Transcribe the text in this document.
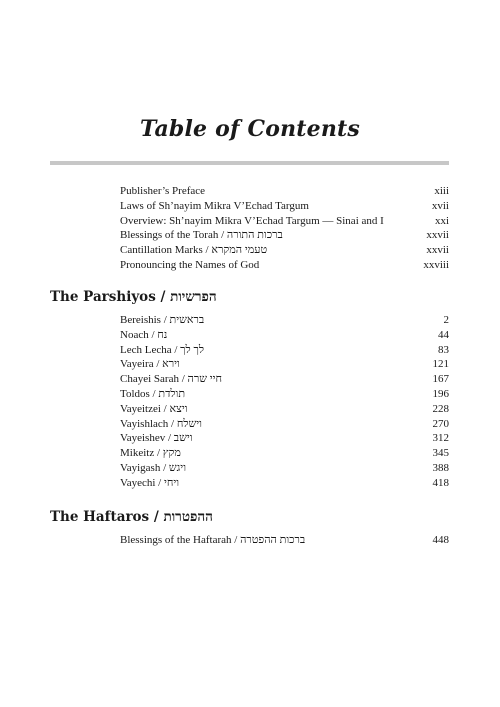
Table of Contents
Publisher’s Preface	xiii
Laws of Sh’nayim Mikra V’Echad Targum	xvii
Overview: Sh’nayim Mikra V’Echad Targum — Sinai and I	xxi
Blessings of the Torah / ברכות התורה	xxvii
Cantillation Marks / טעמי המקרא	xxvii
Pronouncing the Names of God	xxviii
The Parshiyos / הפרשיות
Bereishis / בראשית	2
Noach / נח	44
Lech Lecha / לך לך	83
Vayeira / וירא	121
Chayei Sarah / חיי שרה	167
Toldos / תולדת	196
Vayeitzei / ויצא	228
Vayishlach / וישלח	270
Vayeishev / וישב	312
Mikeitz / מקץ	345
Vayigash / ויגש	388
Vayechi / ויחי	418
The Haftaros / ההפטרות
Blessings of the Haftarah / ברכות ההפטרה	448
